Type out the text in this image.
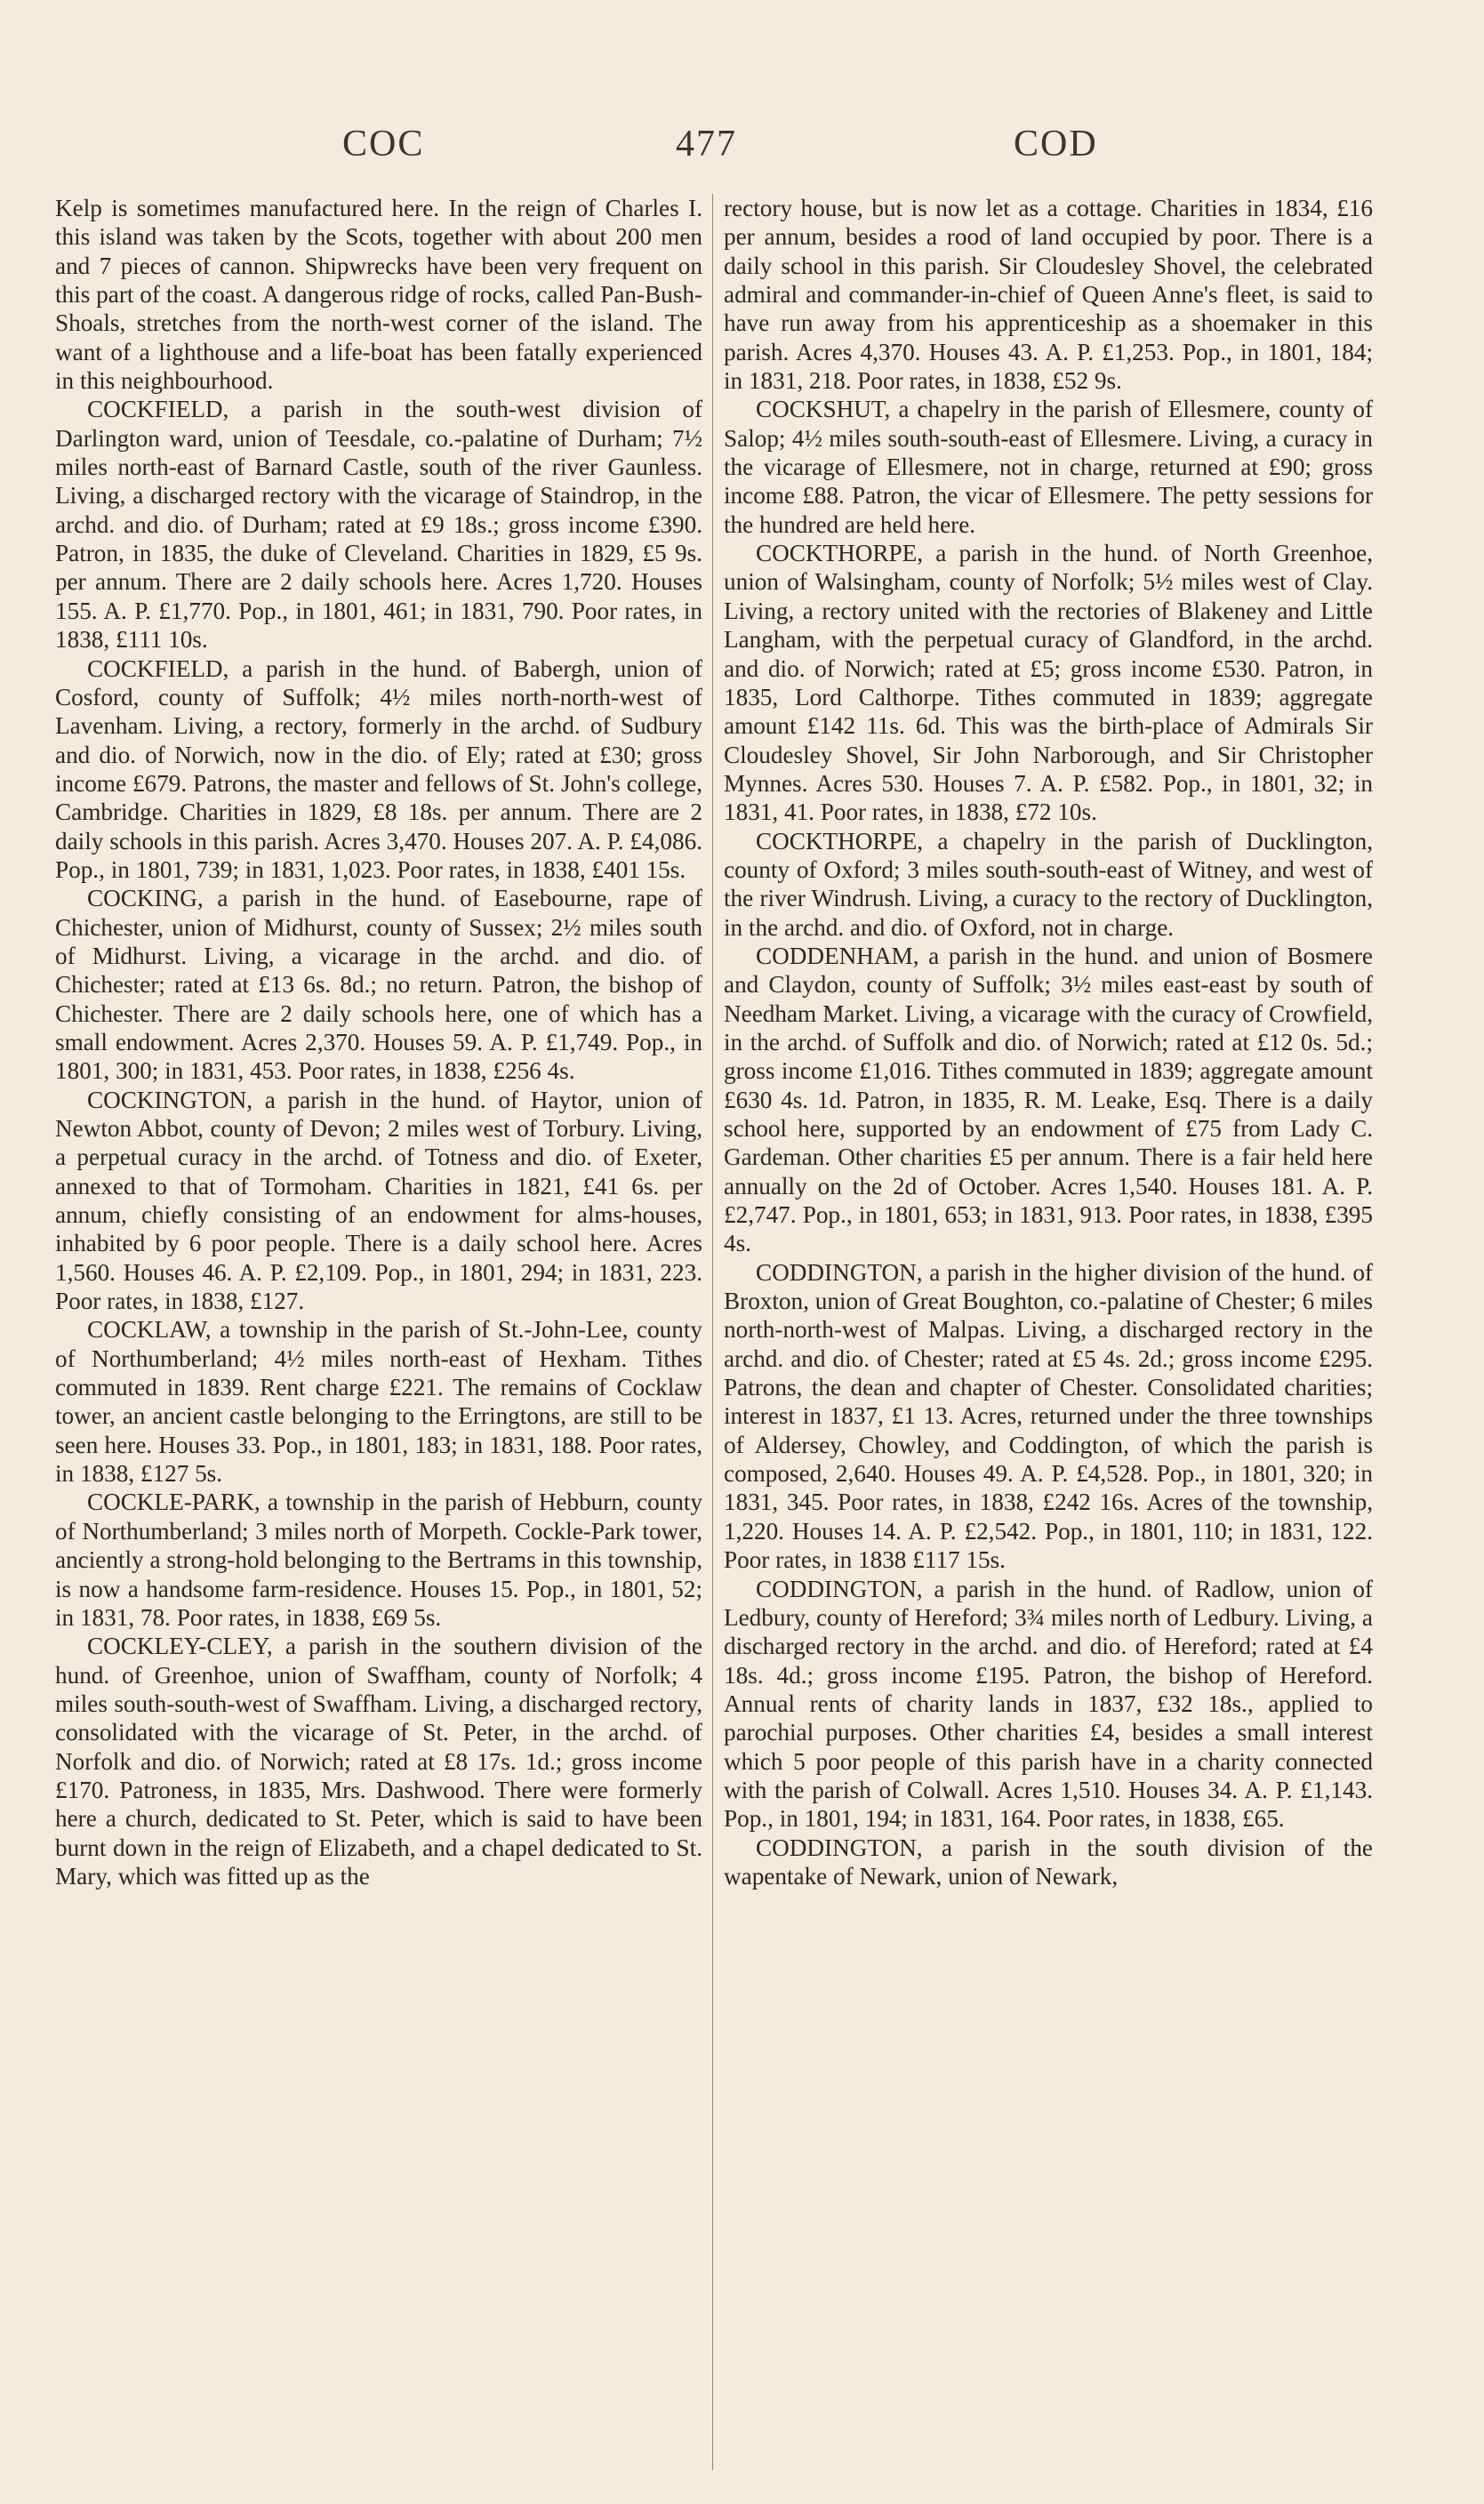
COC	477	COD

Kelp is sometimes manufactured here. In the reign of Charles I. this island was taken by the Scots, together with about 200 men and 7 pieces of cannon. Shipwrecks have been very frequent on this part of the coast. A dangerous ridge of rocks, called Pan-Bush-Shoals, stretches from the north-west corner of the island. The want of a lighthouse and a life-boat has been fatally experienced in this neighbourhood.

COCKFIELD, a parish in the south-west division of Darlington ward, union of Teesdale, co.-palatine of Durham; 7½ miles north-east of Barnard Castle, south of the river Gaunless. Living, a discharged rectory with the vicarage of Staindrop, in the archd. and dio. of Durham; rated at £9 18s.; gross income £390. Patron, in 1835, the duke of Cleveland. Charities in 1829, £5 9s. per annum. There are 2 daily schools here. Acres 1,720. Houses 155. A. P. £1,770. Pop., in 1801, 461; in 1831, 790. Poor rates, in 1838, £111 10s.

COCKFIELD, a parish in the hund. of Babergh, union of Cosford, county of Suffolk; 4½ miles north-north-west of Lavenham. Living, a rectory, formerly in the archd. of Sudbury and dio. of Norwich, now in the dio. of Ely; rated at £30; gross income £679. Patrons, the master and fellows of St. John's college, Cambridge. Charities in 1829, £8 18s. per annum. There are 2 daily schools in this parish. Acres 3,470. Houses 207. A. P. £4,086. Pop., in 1801, 739; in 1831, 1,023. Poor rates, in 1838, £401 15s.

COCKING, a parish in the hund. of Easebourne, rape of Chichester, union of Midhurst, county of Sussex; 2½ miles south of Midhurst. Living, a vicarage in the archd. and dio. of Chichester; rated at £13 6s. 8d.; no return. Patron, the bishop of Chichester. There are 2 daily schools here, one of which has a small endowment. Acres 2,370. Houses 59. A. P. £1,749. Pop., in 1801, 300; in 1831, 453. Poor rates, in 1838, £256 4s.

COCKINGTON, a parish in the hund. of Haytor, union of Newton Abbot, county of Devon; 2 miles west of Torbury. Living, a perpetual curacy in the archd. of Totness and dio. of Exeter, annexed to that of Tormoham. Charities in 1821, £41 6s. per annum, chiefly consisting of an endowment for alms-houses, inhabited by 6 poor people. There is a daily school here. Acres 1,560. Houses 46. A. P. £2,109. Pop., in 1801, 294; in 1831, 223. Poor rates, in 1838, £127.

COCKLAW, a township in the parish of St.-John-Lee, county of Northumberland; 4½ miles north-east of Hexham. Tithes commuted in 1839. Rent charge £221. The remains of Cocklaw tower, an ancient castle belonging to the Erringtons, are still to be seen here. Houses 33. Pop., in 1801, 183; in 1831, 188. Poor rates, in 1838, £127 5s.

COCKLE-PARK, a township in the parish of Hebburn, county of Northumberland; 3 miles north of Morpeth. Cockle-Park tower, anciently a strong-hold belonging to the Bertrams in this township, is now a handsome farm-residence. Houses 15. Pop., in 1801, 52; in 1831, 78. Poor rates, in 1838, £69 5s.

COCKLEY-CLEY, a parish in the southern division of the hund. of Greenhoe, union of Swaffham, county of Norfolk; 4 miles south-south-west of Swaffham. Living, a discharged rectory, consolidated with the vicarage of St. Peter, in the archd. of Norfolk and dio. of Norwich; rated at £8 17s. 1d.; gross income £170. Patroness, in 1835, Mrs. Dashwood. There were formerly here a church, dedicated to St. Peter, which is said to have been burnt down in the reign of Elizabeth, and a chapel dedicated to St. Mary, which was fitted up as the

rectory house, but is now let as a cottage. Charities in 1834, £16 per annum, besides a rood of land occupied by poor. There is a daily school in this parish. Sir Cloudesley Shovel, the celebrated admiral and commander-in-chief of Queen Anne's fleet, is said to have run away from his apprenticeship as a shoemaker in this parish. Acres 4,370. Houses 43. A. P. £1,253. Pop., in 1801, 184; in 1831, 218. Poor rates, in 1838, £52 9s.

COCKSHUT, a chapelry in the parish of Ellesmere, county of Salop; 4½ miles south-south-east of Ellesmere. Living, a curacy in the vicarage of Ellesmere, not in charge, returned at £90; gross income £88. Patron, the vicar of Ellesmere. The petty sessions for the hundred are held here.

COCKTHORPE, a parish in the hund. of North Greenhoe, union of Walsingham, county of Norfolk; 5½ miles west of Clay. Living, a rectory united with the rectories of Blakeney and Little Langham, with the perpetual curacy of Glandford, in the archd. and dio. of Norwich; rated at £5; gross income £530. Patron, in 1835, Lord Calthorpe. Tithes commuted in 1839; aggregate amount £142 11s. 6d. This was the birth-place of Admirals Sir Cloudesley Shovel, Sir John Narborough, and Sir Christopher Mynnes. Acres 530. Houses 7. A. P. £582. Pop., in 1801, 32; in 1831, 41. Poor rates, in 1838, £72 10s.

COCKTHORPE, a chapelry in the parish of Ducklington, county of Oxford; 3 miles south-south-east of Witney, and west of the river Windrush. Living, a curacy to the rectory of Ducklington, in the archd. and dio. of Oxford, not in charge.

CODDENHAM, a parish in the hund. and union of Bosmere and Claydon, county of Suffolk; 3½ miles east-east by south of Needham Market. Living, a vicarage with the curacy of Crowfield, in the archd. of Suffolk and dio. of Norwich; rated at £12 0s. 5d.; gross income £1,016. Tithes commuted in 1839; aggregate amount £630 4s. 1d. Patron, in 1835, R. M. Leake, Esq. There is a daily school here, supported by an endowment of £75 from Lady C. Gardeman. Other charities £5 per annum. There is a fair held here annually on the 2d of October. Acres 1,540. Houses 181. A. P. £2,747. Pop., in 1801, 653; in 1831, 913. Poor rates, in 1838, £395 4s.

CODDINGTON, a parish in the higher division of the hund. of Broxton, union of Great Boughton, co.-palatine of Chester; 6 miles north-north-west of Malpas. Living, a discharged rectory in the archd. and dio. of Chester; rated at £5 4s. 2d.; gross income £295. Patrons, the dean and chapter of Chester. Consolidated charities; interest in 1837, £1 13. Acres, returned under the three townships of Aldersey, Chowley, and Coddington, of which the parish is composed, 2,640. Houses 49. A. P. £4,528. Pop., in 1801, 320; in 1831, 345. Poor rates, in 1838, £242 16s. Acres of the township, 1,220. Houses 14. A. P. £2,542. Pop., in 1801, 110; in 1831, 122. Poor rates, in 1838 £117 15s.

CODDINGTON, a parish in the hund. of Radlow, union of Ledbury, county of Hereford; 3¾ miles north of Ledbury. Living, a discharged rectory in the archd. and dio. of Hereford; rated at £4 18s. 4d.; gross income £195. Patron, the bishop of Hereford. Annual rents of charity lands in 1837, £32 18s., applied to parochial purposes. Other charities £4, besides a small interest which 5 poor people of this parish have in a charity connected with the parish of Colwall. Acres 1,510. Houses 34. A. P. £1,143. Pop., in 1801, 194; in 1831, 164. Poor rates, in 1838, £65.

CODDINGTON, a parish in the south division of the wapentake of Newark, union of Newark,
